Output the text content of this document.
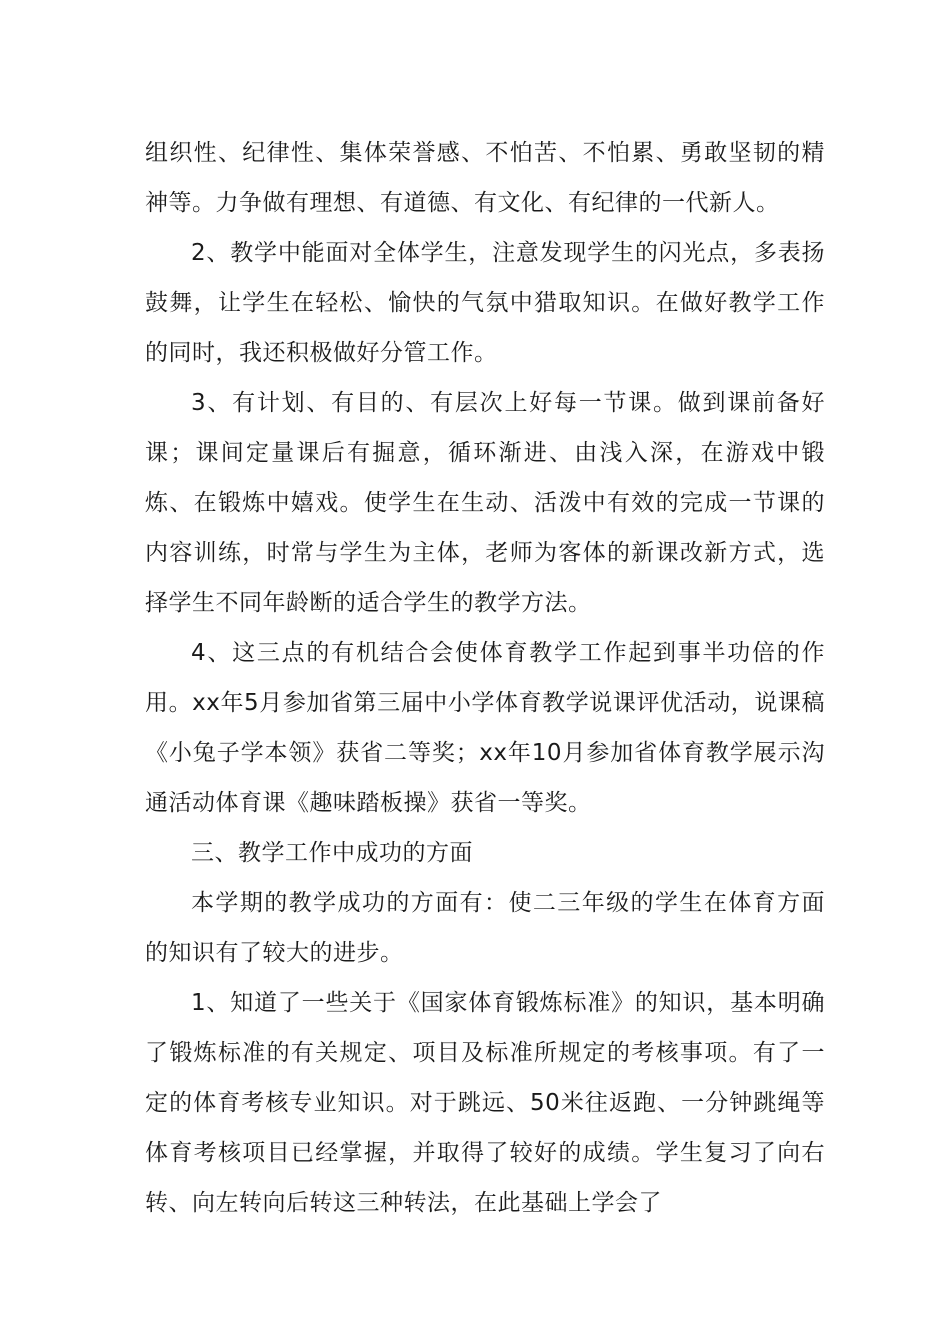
组织性、纪律性、集体荣誉感、不怕苦、不怕累、勇敢坚韧的精神等。力争做有理想、有道德、有文化、有纪律的一代新人。

2、教学中能面对全体学生，注意发现学生的闪光点，多表扬鼓舞，让学生在轻松、愉快的气氛中猎取知识。在做好教学工作的同时，我还积极做好分管工作。

3、有计划、有目的、有层次上好每一节课。做到课前备好课；课间定量课后有掘意，循环渐进、由浅入深，在游戏中锻炼、在锻炼中嬉戏。使学生在生动、活泼中有效的完成一节课的内容训练，时常与学生为主体，老师为客体的新课改新方式，选择学生不同年龄断的适合学生的教学方法。

4、这三点的有机结合会使体育教学工作起到事半功倍的作用。xx年5月参加省第三届中小学体育教学说课评优活动，说课稿《小兔子学本领》获省二等奖；xx年10月参加省体育教学展示沟通活动体育课《趣味踏板操》获省一等奖。

三、教学工作中成功的方面

本学期的教学成功的方面有：使二三年级的学生在体育方面的知识有了较大的进步。

1、知道了一些关于《国家体育锻炼标准》的知识，基本明确了锻炼标准的有关规定、项目及标准所规定的考核事项。有了一定的体育考核专业知识。对于跳远、50米往返跑、一分钟跳绳等体育考核项目已经掌握，并取得了较好的成绩。学生复习了向右转、向左转向后转这三种转法，在此基础上学会了
